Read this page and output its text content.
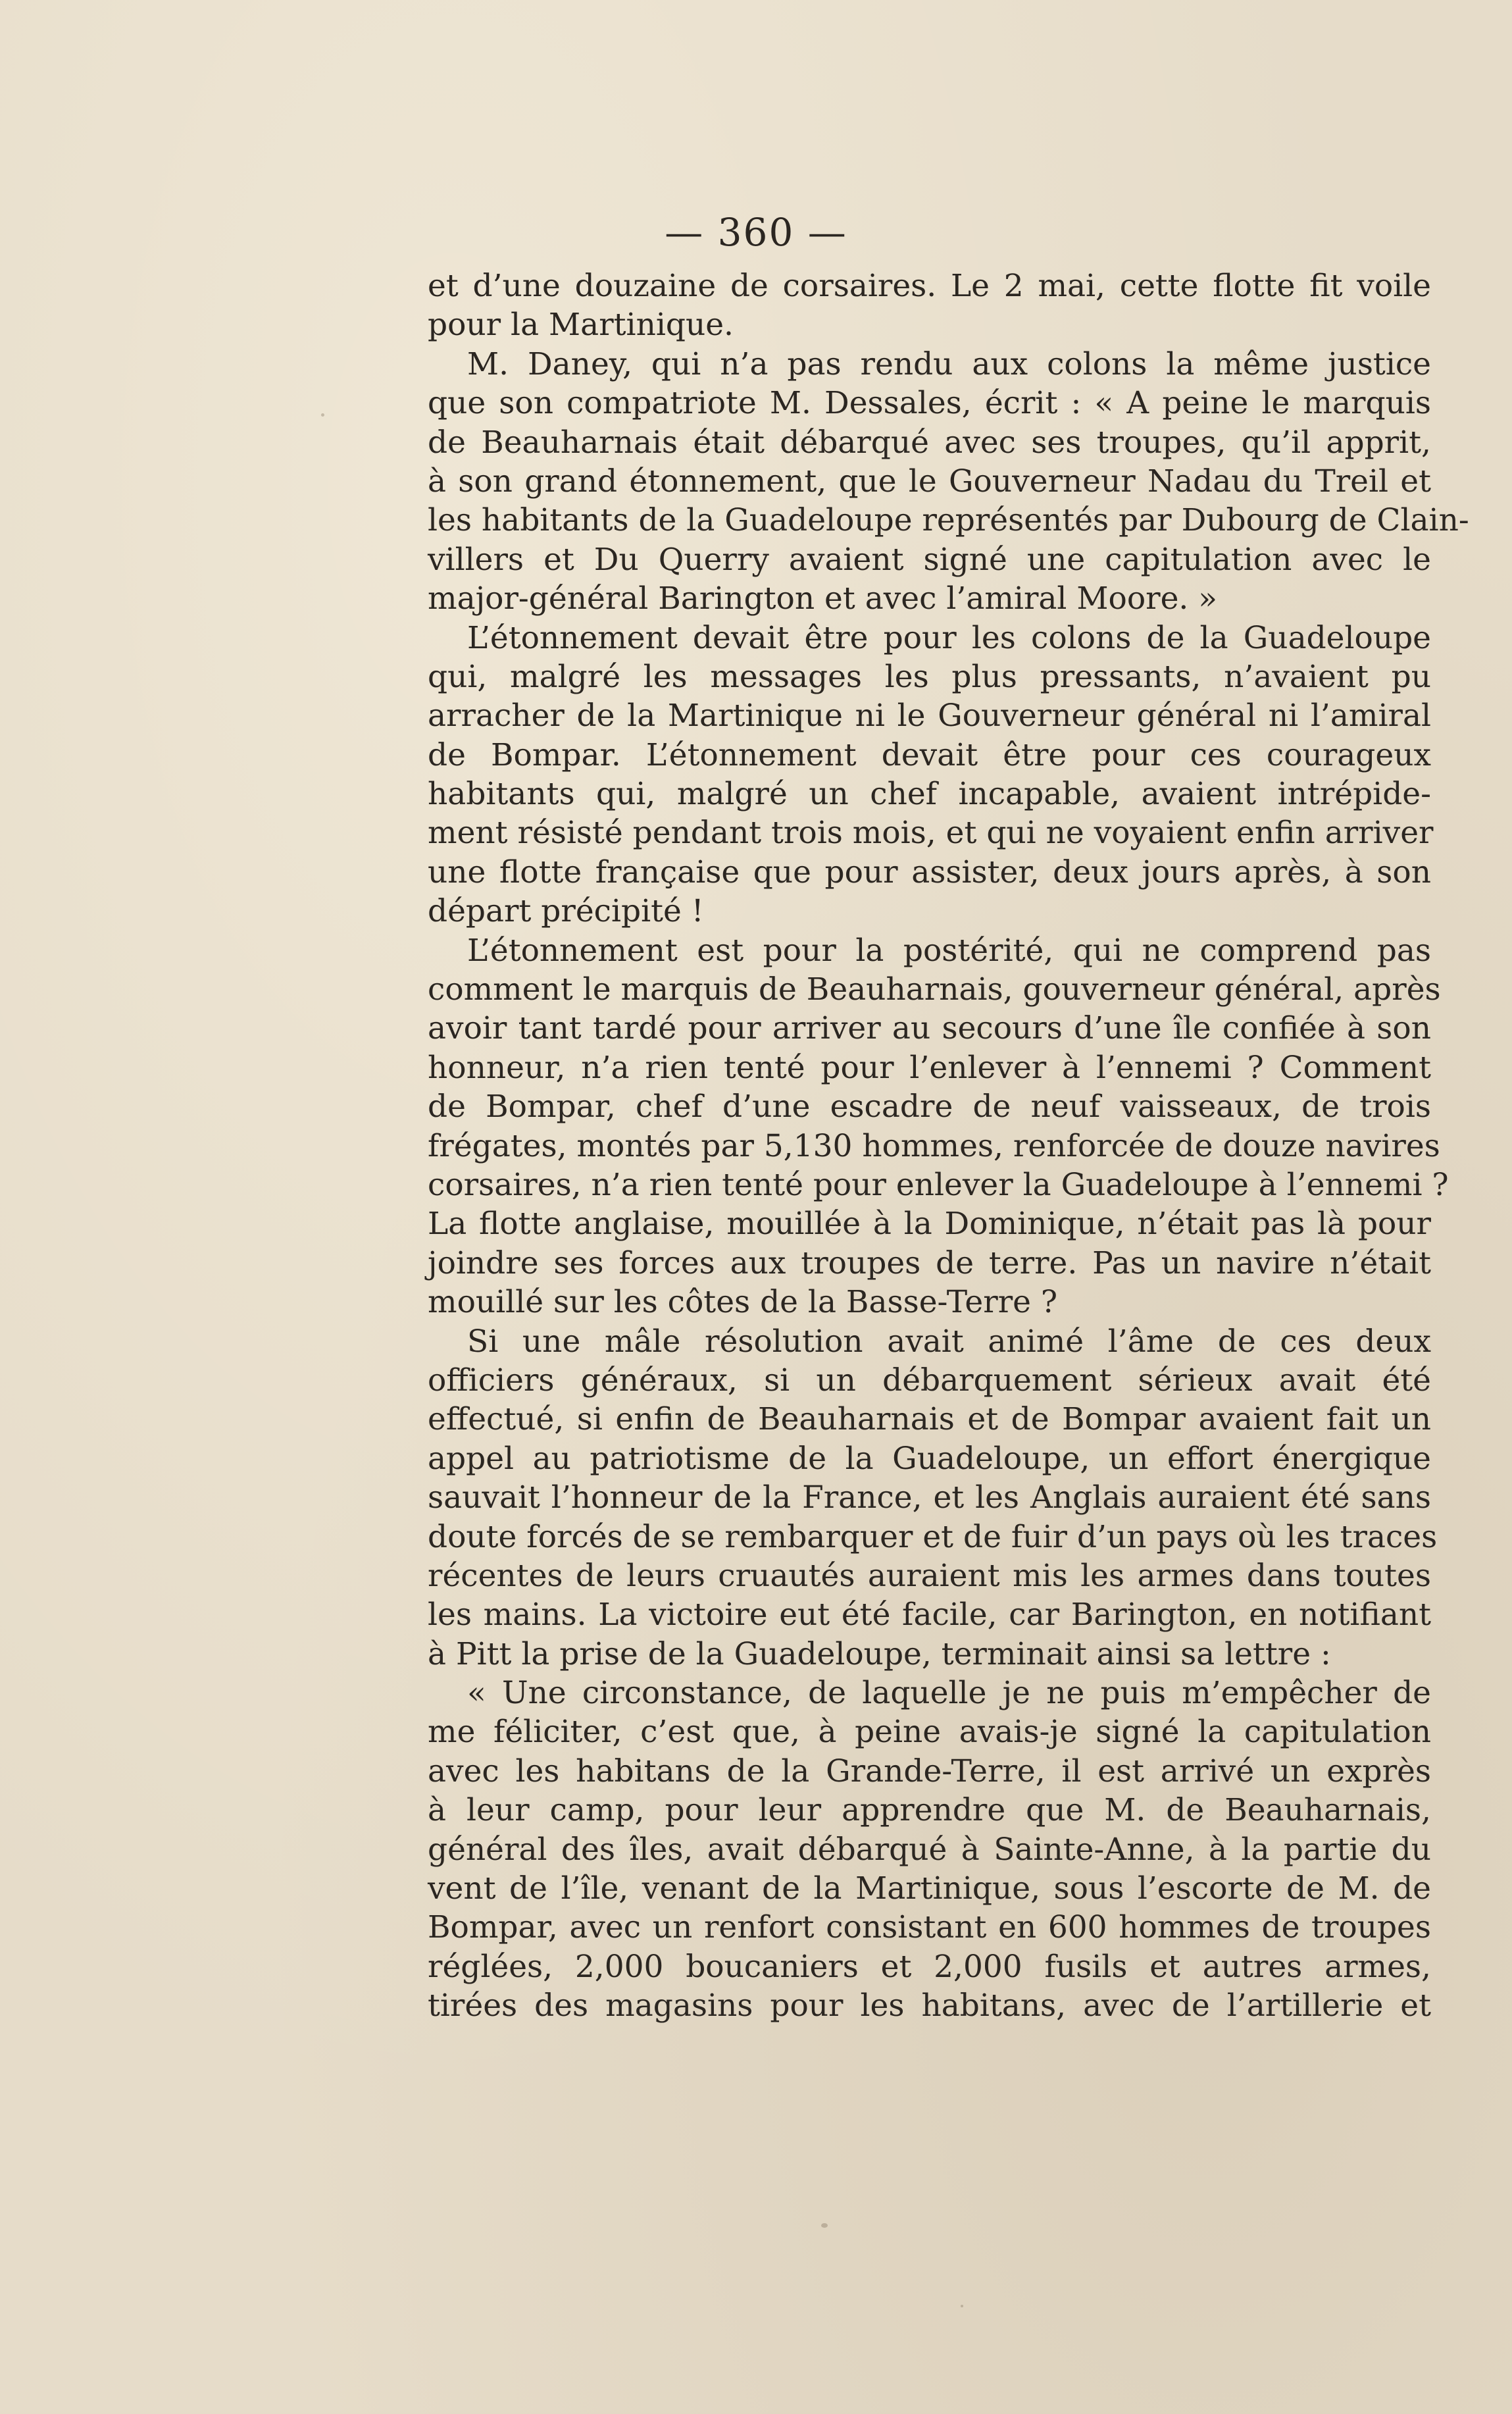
— 360 —
et d’une douzaine de corsaires. Le 2 mai, cette flotte fit voile
pour la Martinique.
M. Daney, qui n’a pas rendu aux colons la même justice
que son compatriote M. Dessales, écrit : « A peine le marquis
de Beauharnais était débarqué avec ses troupes, qu’il apprit,
à son grand étonnement, que le Gouverneur Nadau du Treil et
les habitants de la Guadeloupe représentés par Dubourg de Clain-
villers et Du Querry avaient signé une capitulation avec le
major-général Barington et avec l’amiral Moore. »
L’étonnement devait être pour les colons de la Guadeloupe
qui, malgré les messages les plus pressants, n’avaient pu
arracher de la Martinique ni le Gouverneur général ni l’amiral
de Bompar. L’étonnement devait être pour ces courageux
habitants qui, malgré un chef incapable, avaient intrépide-
ment résisté pendant trois mois, et qui ne voyaient enfin arriver
une flotte française que pour assister, deux jours après, à son
départ précipité !
L’étonnement est pour la postérité, qui ne comprend pas
comment le marquis de Beauharnais, gouverneur général, après
avoir tant tardé pour arriver au secours d’une île confiée à son
honneur, n’a rien tenté pour l’enlever à l’ennemi ? Comment
de Bompar, chef d’une escadre de neuf vaisseaux, de trois
frégates, montés par 5,130 hommes, renforcée de douze navires
corsaires, n’a rien tenté pour enlever la Guadeloupe à l’ennemi ?
La flotte anglaise, mouillée à la Dominique, n’était pas là pour
joindre ses forces aux troupes de terre. Pas un navire n’était
mouillé sur les côtes de la Basse-Terre ?
Si une mâle résolution avait animé l’âme de ces deux
officiers généraux, si un débarquement sérieux avait été
effectué, si enfin de Beauharnais et de Bompar avaient fait un
appel au patriotisme de la Guadeloupe, un effort énergique
sauvait l’honneur de la France, et les Anglais auraient été sans
doute forcés de se rembarquer et de fuir d’un pays où les traces
récentes de leurs cruautés auraient mis les armes dans toutes
les mains. La victoire eut été facile, car Barington, en notifiant
à Pitt la prise de la Guadeloupe, terminait ainsi sa lettre :
« Une circonstance, de laquelle je ne puis m’empêcher de
me féliciter, c’est que, à peine avais-je signé la capitulation
avec les habitans de la Grande-Terre, il est arrivé un exprès
à leur camp, pour leur apprendre que M. de Beauharnais,
général des îles, avait débarqué à Sainte-Anne, à la partie du
vent de l’île, venant de la Martinique, sous l’escorte de M. de
Bompar, avec un renfort consistant en 600 hommes de troupes
réglées, 2,000 boucaniers et 2,000 fusils et autres armes,
tirées des magasins pour les habitans, avec de l’artillerie et
